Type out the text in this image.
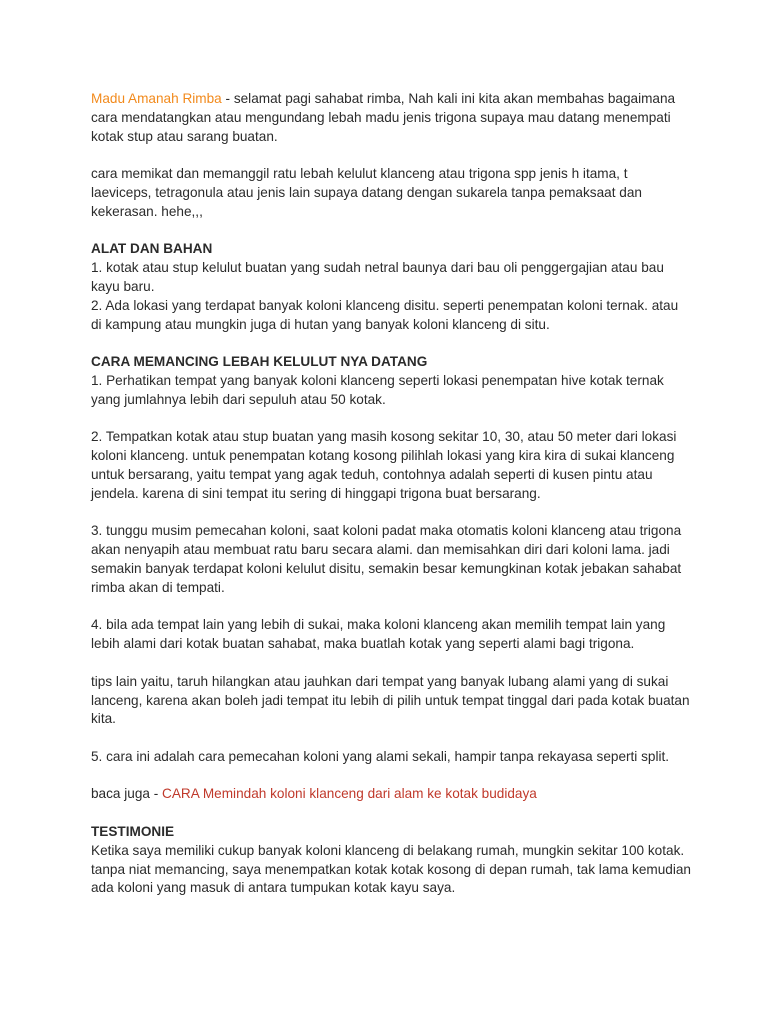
Madu Amanah Rimba - selamat pagi sahabat rimba, Nah kali ini kita akan membahas bagaimana cara mendatangkan atau mengundang lebah madu jenis trigona supaya mau datang menempati kotak stup atau sarang buatan.

cara memikat dan memanggil ratu lebah kelulut klanceng atau trigona spp jenis h itama, t laeviceps, tetragonula atau jenis lain supaya datang dengan sukarela tanpa pemaksaat dan kekerasan. hehe,,,

ALAT DAN BAHAN
1. kotak atau stup kelulut buatan yang sudah netral baunya dari bau oli penggergajian atau bau kayu baru.
2. Ada lokasi yang terdapat banyak koloni klanceng disitu. seperti penempatan koloni ternak. atau di kampung atau mungkin juga di hutan yang banyak koloni klanceng di situ.
CARA MEMANCING LEBAH KELULUT NYA DATANG
1. Perhatikan tempat yang banyak koloni klanceng seperti lokasi penempatan hive kotak ternak yang jumlahnya lebih dari sepuluh atau 50 kotak.

2. Tempatkan kotak atau stup buatan yang masih kosong sekitar 10, 30, atau 50 meter dari lokasi koloni klanceng. untuk penempatan kotang kosong pilihlah lokasi yang kira kira di sukai klanceng untuk bersarang, yaitu tempat yang agak teduh, contohnya adalah seperti di kusen pintu atau jendela. karena di sini tempat itu sering di hinggapi trigona buat bersarang.

3. tunggu musim pemecahan koloni, saat koloni padat maka otomatis koloni klanceng atau trigona akan nenyapih atau membuat ratu baru secara alami. dan memisahkan diri dari koloni lama. jadi semakin banyak terdapat koloni kelulut disitu, semakin besar kemungkinan kotak jebakan sahabat rimba akan di tempati.

4. bila ada tempat lain yang lebih di sukai, maka koloni klanceng akan memilih tempat lain yang lebih alami dari kotak buatan sahabat, maka buatlah kotak yang seperti alami bagi trigona.

tips lain yaitu, taruh hilangkan atau jauhkan dari tempat yang banyak lubang alami yang di sukai lanceng, karena akan boleh jadi tempat itu lebih di pilih untuk tempat tinggal dari pada kotak buatan kita.

5. cara ini adalah cara pemecahan koloni yang alami sekali, hampir tanpa rekayasa seperti split.

baca juga - CARA Memindah koloni klanceng dari alam ke kotak budidaya

TESTIMONIE
Ketika saya memiliki cukup banyak koloni klanceng di belakang rumah, mungkin sekitar 100 kotak. tanpa niat memancing, saya menempatkan kotak kotak kosong di depan rumah, tak lama kemudian ada koloni yang masuk di antara tumpukan kotak kayu saya.
